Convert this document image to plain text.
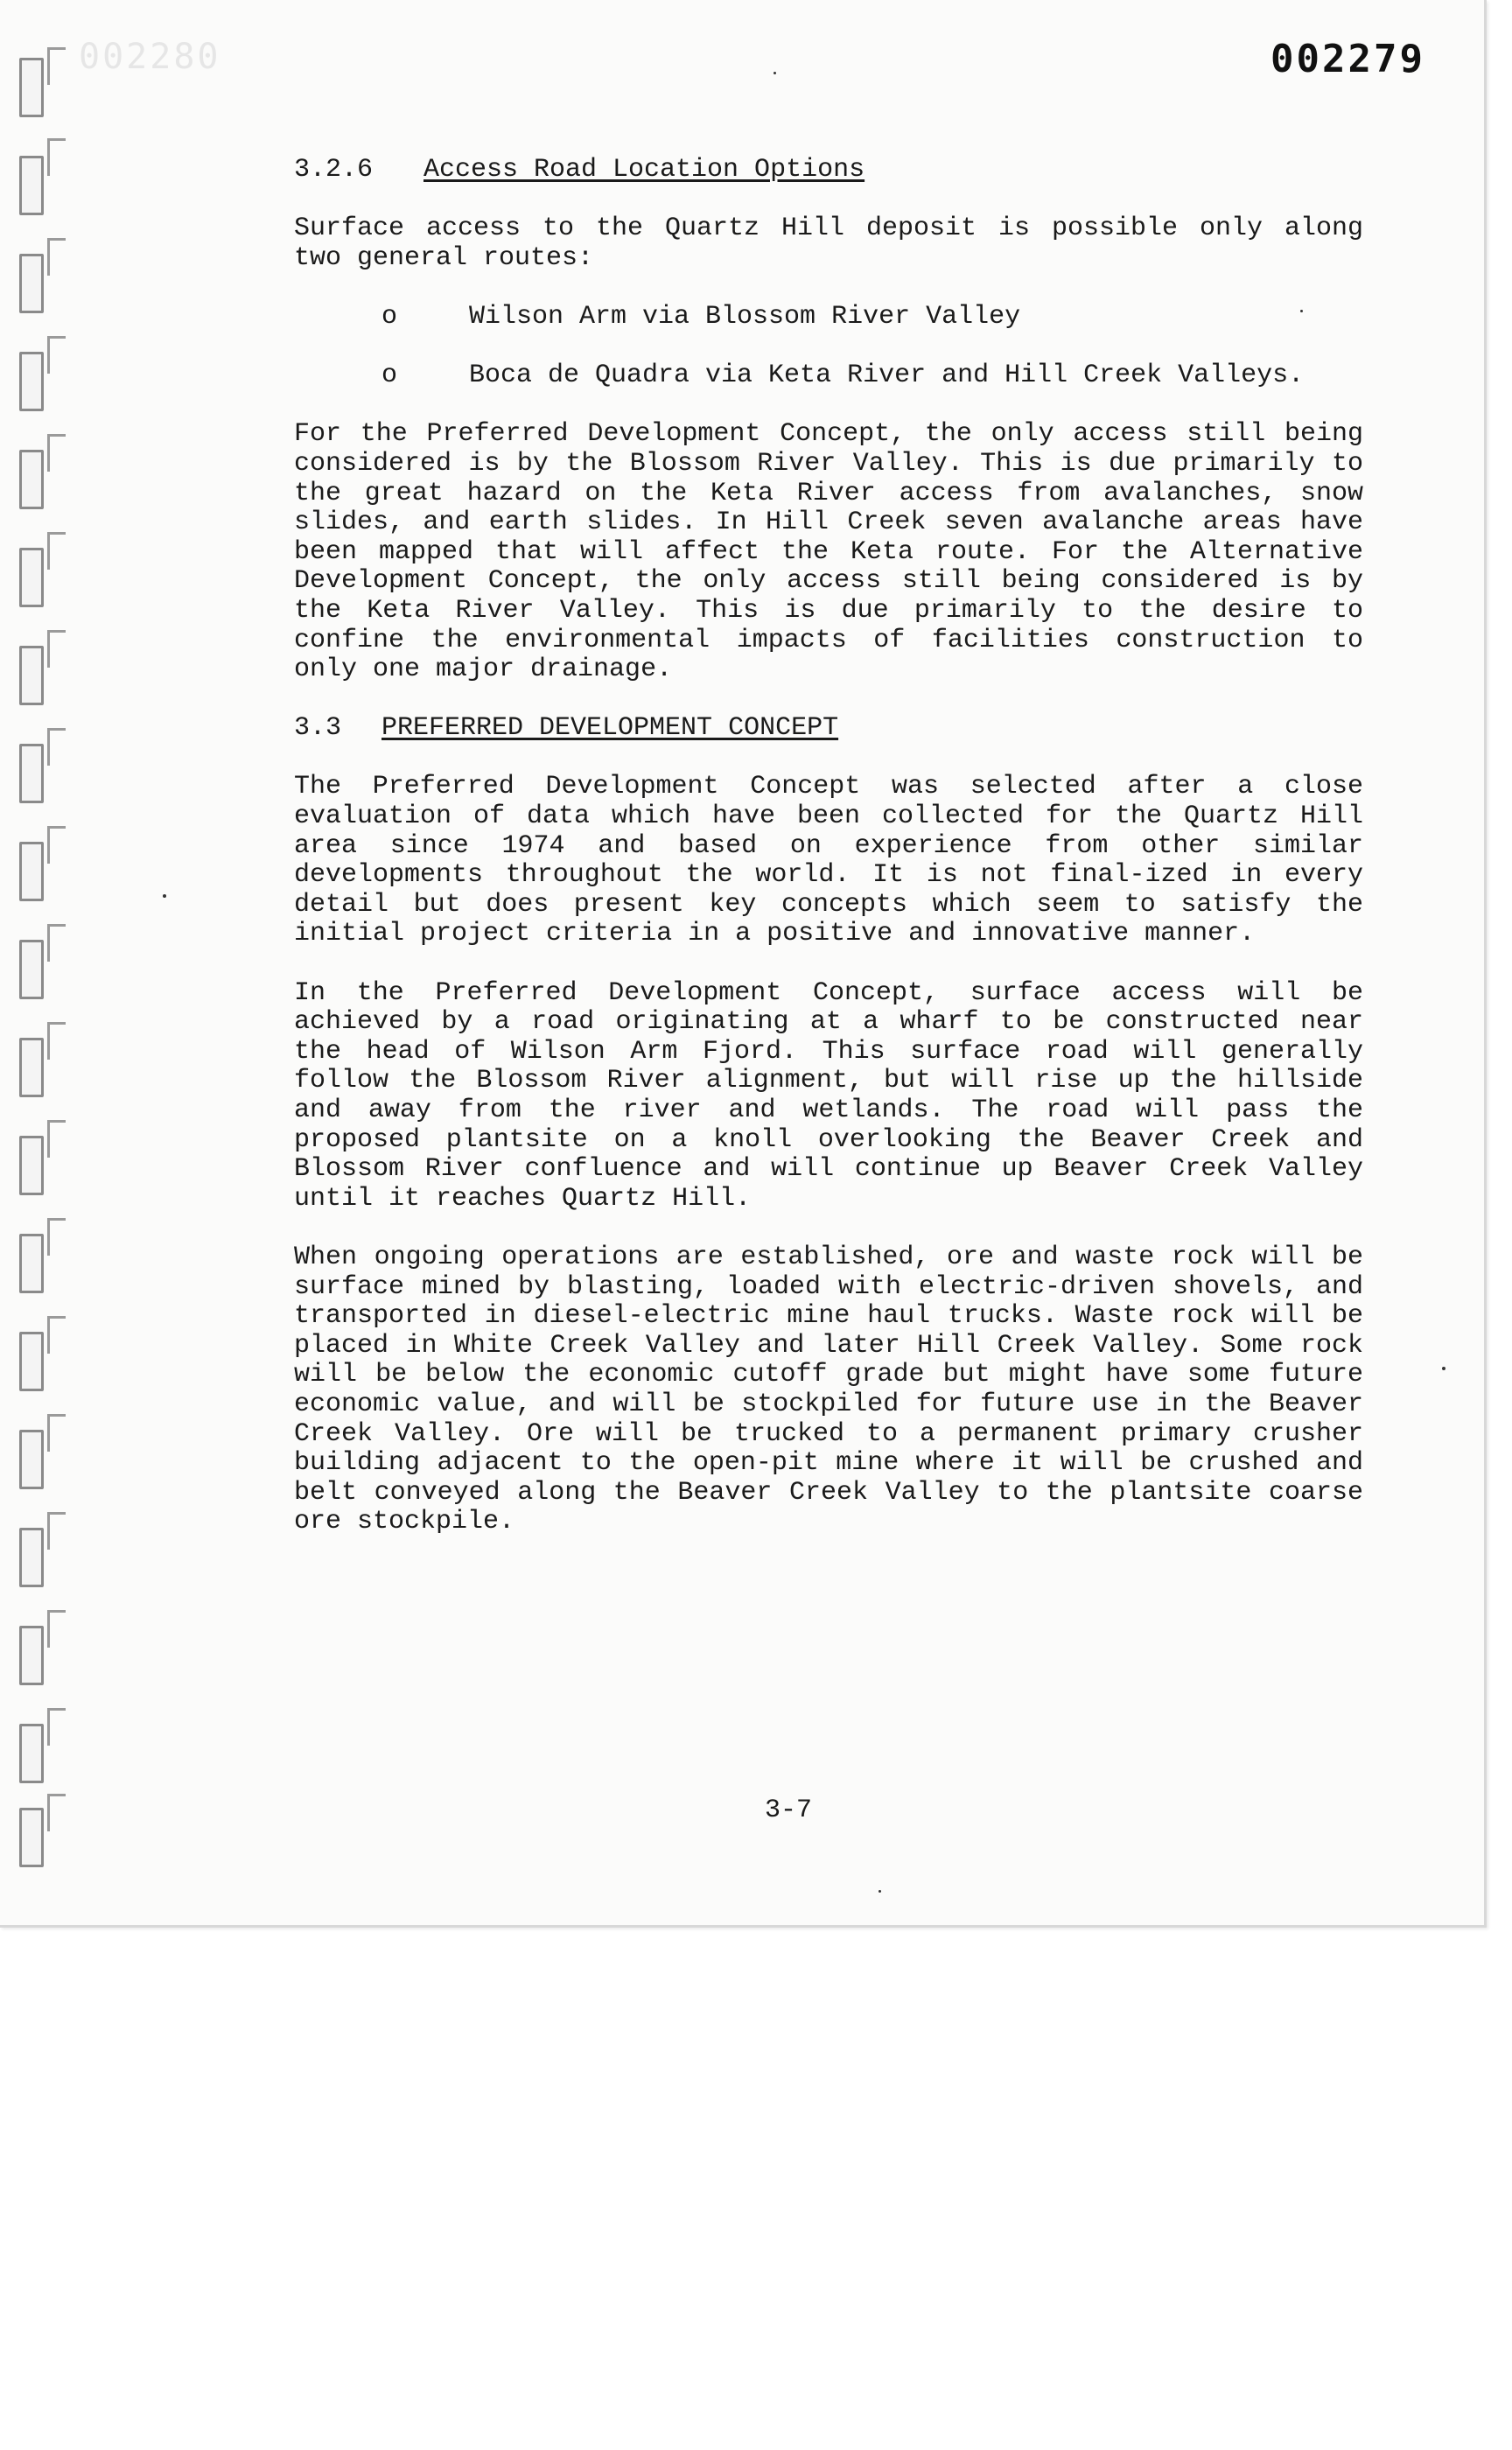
002280	002279
3.2.6 Access Road Location Options

Surface access to the Quartz Hill deposit is possible only along two general routes:

o	Wilson Arm via Blossom River Valley
o	Boca de Quadra via Keta River and Hill Creek Valleys.

For the Preferred Development Concept, the only access still being considered is by the Blossom River Valley. This is due primarily to the great hazard on the Keta River access from avalanches, snow slides, and earth slides. In Hill Creek seven avalanche areas have been mapped that will affect the Keta route. For the Alternative Development Concept, the only access still being considered is by the Keta River Valley. This is due primarily to the desire to confine the environmental impacts of facilities construction to only one major drainage.

3.3 PREFERRED DEVELOPMENT CONCEPT

The Preferred Development Concept was selected after a close evaluation of data which have been collected for the Quartz Hill area since 1974 and based on experience from other similar developments throughout the world. It is not final-ized in every detail but does present key concepts which seem to satisfy the initial project criteria in a positive and innovative manner.

In the Preferred Development Concept, surface access will be achieved by a road originating at a wharf to be constructed near the head of Wilson Arm Fjord. This surface road will generally follow the Blossom River alignment, but will rise up the hillside and away from the river and wetlands. The road will pass the proposed plantsite on a knoll overlooking the Beaver Creek and Blossom River confluence and will continue up Beaver Creek Valley until it reaches Quartz Hill.

When ongoing operations are established, ore and waste rock will be surface mined by blasting, loaded with electric-driven shovels, and transported in diesel-electric mine haul trucks. Waste rock will be placed in White Creek Valley and later Hill Creek Valley. Some rock will be below the economic cutoff grade but might have some future economic value, and will be stockpiled for future use in the Beaver Creek Valley. Ore will be trucked to a permanent primary crusher building adjacent to the open-pit mine where it will be crushed and belt conveyed along the Beaver Creek Valley to the plantsite coarse ore stockpile.

3-7
